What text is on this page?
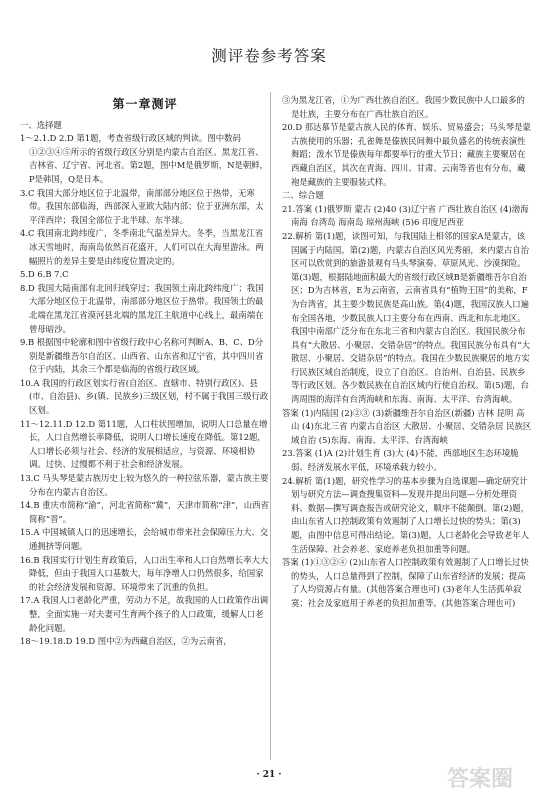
测评卷参考答案
第一章测评

一、选择题

1～2.1.D 2.D 第1题，考查省级行政区域的判读。图中数码①②③④⑤所示的省级行政区分别是内蒙古自治区、黑龙江省、吉林省、辽宁省、河北省。第2题，图中M是俄罗斯，N是朝鲜，P是韩国，Q是日本。

3.C 我国大部分地区位于北温带，南部部分地区位于热带，无寒带。我国东部临海，西部深入亚欧大陆内部；位于亚洲东部，太平洋西岸；我国全部位于北半球、东半球。

4.C 我国南北跨纬度广，冬季南北气温差异大。冬季，当黑龙江省冰天雪地时，海南岛依然百花盛开，人们可以在大海里游泳。两幅照片的差异主要是由纬度位置决定的。

5.D 6.B 7.C

8.D 我国大陆南部有北回归线穿过；我国领土南北跨纬度广；我国大部分地区位于北温带，南部部分地区位于热带。我国领土的最北端在黑龙江省漠河县北端的黑龙江主航道中心线上，最南端在曾母暗沙。

9.B 根据图中轮廓和图中省级行政中心名称可判断A、B、C、D分别是新疆维吾尔自治区、山西省、山东省和辽宁省，其中四川省位于内陆，其余三个都是临海的省级行政区域。

10.A 我国的行政区划实行省(自治区、直辖市、特别行政区)、县(市、自治县)、乡(镇、民族乡)三级区划，村不属于我国三级行政区划。

11～12.11.D 12.D 第11题，人口柱状图增加，说明人口总量在增长，人口自然增长率降低，说明人口增长速度在降低。第12题，人口增长必须与社会、经济的发展相适应，与资源、环境相协调。过快、过慢都不利于社会和经济发展。

13.C 马头琴是蒙古族历史上较为悠久的一种拉弦乐器，蒙古族主要分布在内蒙古自治区。

14.B 重庆市简称“渝”，河北省简称“冀”，天津市简称“津”，山西省简称“晋”。

15.A 中国城镇人口的迅速增长，会给城市带来社会保障压力大、交通拥挤等问题。

16.B 我国实行计划生育政策后，人口出生率和人口自然增长率大大降低，但由于我国人口基数大，每年净增人口仍然很多，给国家的社会经济发展和资源、环境带来了沉重的负担。

17.A 我国人口老龄化严重，劳动力不足，故我国的人口政策作出调整，全面实施一对夫妻可生育两个孩子的人口政策，缓解人口老龄化问题。

18～19.18.D 19.D 图中②为西藏自治区，②为云南省，

③为黑龙江省，①为广西壮族自治区。我国少数民族中人口最多的是壮族，主要分布在广西壮族自治区。

20.D 那达慕节是蒙古族人民的体育、娱乐、贸易盛会；马头琴是蒙古族使用的乐器；孔雀舞是傣族民间舞中最负盛名的传统表演性舞蹈；泼水节是傣族每年都要举行的重大节日；藏族主要聚居在西藏自治区，其次在青海、四川、甘肃、云南等省也有分布，藏袍是藏族的主要服装式样。

二、综合题

21.答案 (1)俄罗斯 蒙古 (2)40 (3)辽宁省 广西壮族自治区 (4)渤海 南海 台湾岛 海南岛 琼州海峡 (5)6 印度尼西亚

22.解析 第(1)题，读图可知，与我国陆上相邻的国家A是蒙古，该国属于内陆国。第(2)题，内蒙古自治区风光秀丽，来内蒙古自治区可以欣赏到的旅游景观有马头琴演奏、草原风光、沙漠探险。第(3)题，根据陆地面积最大的省级行政区域B是新疆维吾尔自治区；D为吉林省，E为云南省，云南省具有“植物王国”的美称，F为台湾省，其主要少数民族是高山族。第(4)题，我国汉族人口遍布全国各地，少数民族人口主要分布在西南、西北和东北地区。我国中南部广泛分布在东北三省和内蒙古自治区。我国民族分布具有“大散居、小聚居、交错杂居”的特点。我国民族分布具有“大散居、小聚居、交错杂居”的特点。我国在少数民族聚居的地方实行民族区域自治制度，设立了自治区、自治州、自治县、民族乡等行政区划。各少数民族在自治区域内行使自治权。第(5)题，台湾周围的海洋有台湾海峡和东海、南海、太平洋、台湾海峡。

答案 (1)内陆国 (2)②③ (3)新疆维吾尔自治区(新疆) 吉林 昆明 高山 (4)东北三省 内蒙古自治区 大散居、小聚居、交错杂居 民族区域自治 (5)东海、南海、太平洋、台湾海峡

23.答案 (1)A (2)计划生育 (3)大 (4)不能，西部地区生态环境脆弱、经济发展水平低，环境承载力较小。

24.解析 第(1)题，研究性学习的基本步骤为自选课题—确定研究计划与研究方法—调查搜集资料—发现并提出问题—分析处理资料、数据—撰写调查报告或研究论文，顺序不能颠倒。第(2)题，由山东省人口控制政策有效遏制了人口增长过快的势头；第(3)题，由图中信息可得出结论。第(3)题，人口老龄化会导致老年人生活保障、社会养老、家庭养老负担加重等问题。

答案 (1)①③②④ (2)山东省人口控制政策有效遏制了人口增长过快的势头，人口总量得到了控制，保障了山东省经济的发展；提高了人均资源占有量。(其他答案合理也可) (3)老年人生活孤单寂寞；社会及家庭用于养老的负担加重等。(其他答案合理也可)

· 21 ·	答案圈
